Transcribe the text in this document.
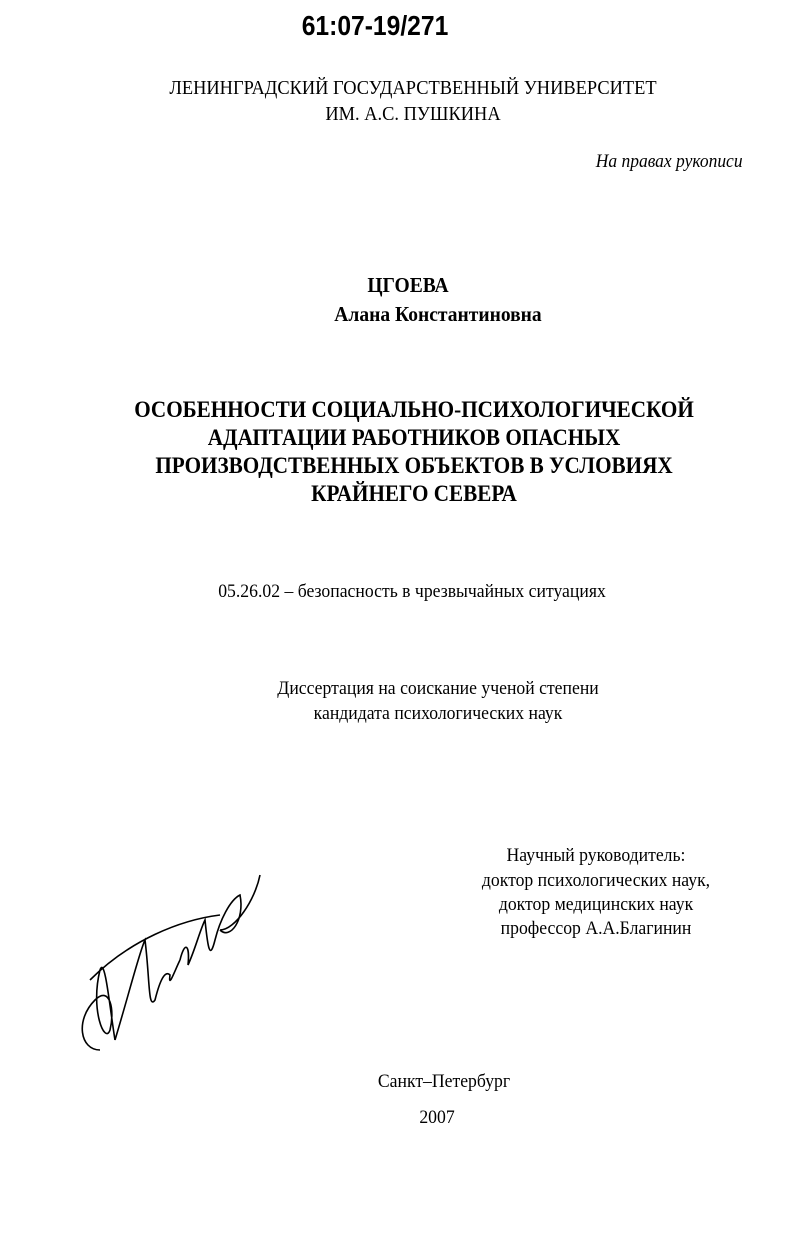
61:07-19/271
ЛЕНИНГРАДСКИЙ ГОСУДАРСТВЕННЫЙ УНИВЕРСИТЕТ
ИМ. А.С. ПУШКИНА
На правах рукописи
ЦГОЕВА
Алана Константиновна
ОСОБЕННОСТИ СОЦИАЛЬНО-ПСИХОЛОГИЧЕСКОЙ
АДАПТАЦИИ РАБОТНИКОВ ОПАСНЫХ
ПРОИЗВОДСТВЕННЫХ ОБЪЕКТОВ В УСЛОВИЯХ
КРАЙНЕГО СЕВЕРА
05.26.02 – безопасность в чрезвычайных ситуациях
Диссертация на соискание ученой степени
кандидата психологических наук
Научный руководитель:
доктор психологических наук,
доктор медицинских наук
профессор А.А.Благинин
Санкт–Петербург
2007
